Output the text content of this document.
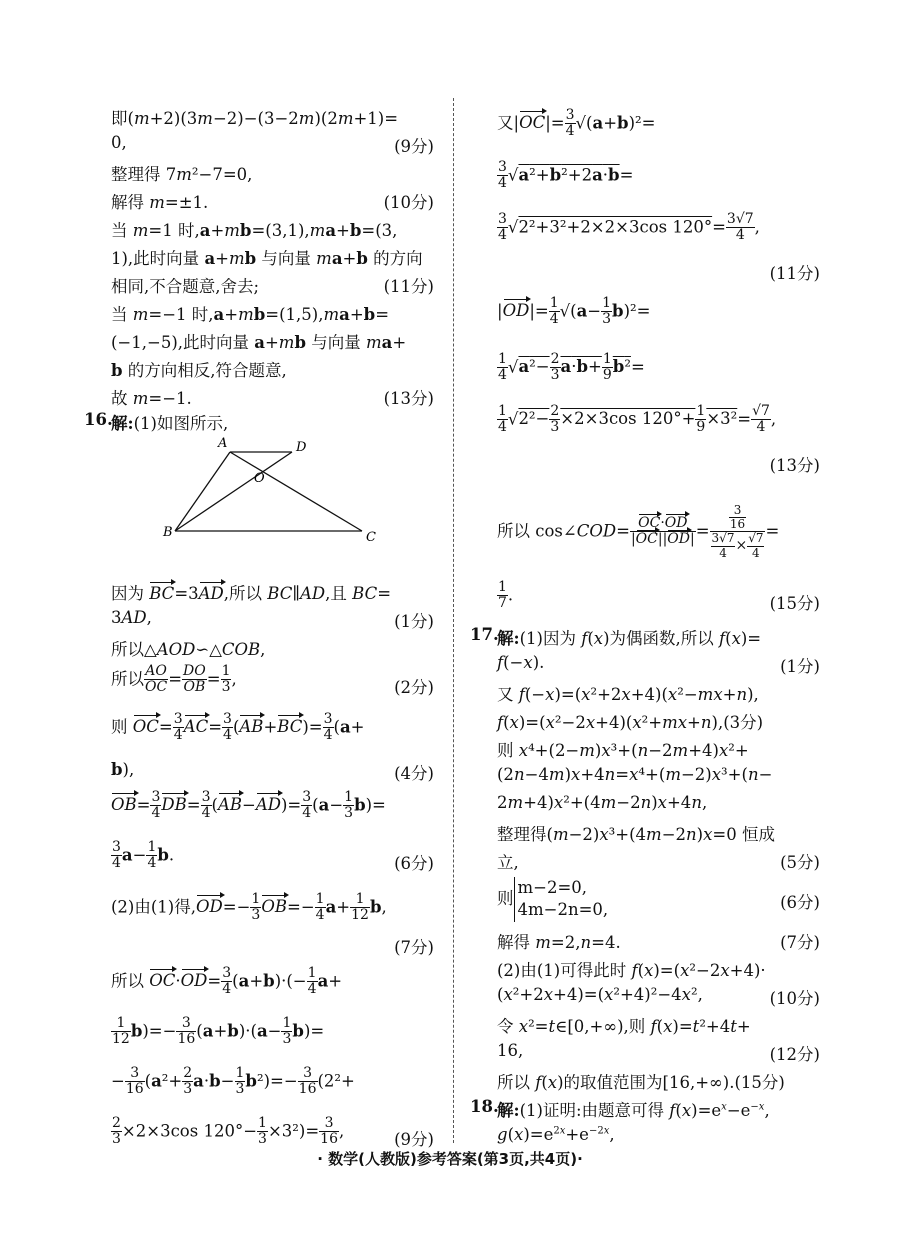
即(m+2)(3m−2)−(3−2m)(2m+1)=
0,	(9分)
整理得 7m²−7=0,
解得 m=±1.	(10分)
当 m=1 时,a+mb=(3,1),ma+b=(3,
1),此时向量 a+mb 与向量 ma+b 的方向
相同,不合题意,舍去;	(11分)
当 m=−1 时,a+mb=(1,5),ma+b=
(−1,−5),此时向量 a+mb 与向量 ma+
b 的方向相反,符合题意,
故 m=−1.	(13分)
16.
解:(1)如图所示,
A	D
O
B	C
因为 BC=3AD,所以 BC∥AD,且 BC=
3AD,	(1分)
所以△AOD∽△COB,
所以 $\frac{AO}{OC} = \frac{DO}{OB} = \frac{1}{3}$ ,	(2分)
则 $OC= \frac{3}{4} AC= \frac{3}{4} (AB+BC)= \frac{3}{4} (a+$
b),	(4分)
$OB= \frac{3}{4} DB= \frac{3}{4} (AB-AD)= \frac{3}{4} (a- \frac{1}{3} b)=$
$\frac{3}{4} a- \frac{1}{4} b$.	(6分)
(2)由(1)得$,OD=- \frac{1}{3} OB=- \frac{1}{4} a+ \frac{1}{12} b$,
(7分)
所以 $OC\cdot OD= \frac{3}{4} (a+b)\cdot(- \frac{1}{4} a+$
$\frac{1}{12} b)=- \frac{3}{16} (a+b)\cdot(a- \frac{1}{3} b)=$
− $\frac{3}{16} (a^2+ \frac{2}{3} a\cdot b- \frac{1}{3} b^2)=- \frac{3}{16} (2^2+$
$\frac{2}{3} \times 2\times 3\cos$ $120^\circ- \frac{1}{3} \times 3^2)= \frac{3}{16}$ ,	(9分)
又$|OC|= \frac{3}{4} √(a+b)^2=$
$\frac{3}{4} √a^2+b^2+2a\cdot b=$
$\frac{3}{4} √2^2+3^2+2\times 2\times 3\cos$ $120^\circ= \frac{3√7}{4}$ ,
(11分)
$|OD|= \frac{1}{4} √(a- \frac{1}{3} b)^2=$
$\frac{1}{4} √a^2- \frac{2}{3} a\cdot b+ \frac{1}{9} b^2=$
$\frac{1}{4} √2^2- \frac{2}{3} \times 2\times 3\cos$ $120^\circ+ \frac{1}{9} \times 3^2= \frac{√7}{4}$ ,
(13分)
所以 cos∠COD= $\frac{OC\cdot OD}{|OC||OD|} = \frac{\frac{3}{16}}{\frac{3√7}{4} \times \frac{√7}{4}}$ =
$\frac{1}{7}$ .	(15分)
17.
解:(1)因为 f(x)为偶函数,所以 f(x)=
f(−x).	(1分)
又 f(−x)=(x²+2x+4)(x²−mx+n),
f(x)=(x²−2x+4)(x²+mx+n),(3分)
则 x⁴+(2−m)x³+(n−2m+4)x²+
(2n−4m)x+4n=x⁴+(m−2)x³+(n−
2m+4)x²+(4m−2n)x+4n,
整理得(m−2)x³+(4m−2n)x=0 恒成
立,	(5分)
则
m−2=0,
4m−2n=0,	(6分)
解得 m=2,n=4.	(7分)
(2)由(1)可得此时 f(x)=(x²−2x+4)·
(x²+2x+4)=(x²+4)²−4x²,	(10分)
令 x²=t∈[0,+∞),则 f(x)=t²+4t+
16,	(12分)
所以 f(x)的取值范围为[16,+∞).(15分)
18.
解:(1)证明:由题意可得 $f(x)=e^x-e^{-x}$,
$g(x)=e^{2x}+e^{-2x}$,
· 数学(人教版)参考答案(第3页,共4页)·
